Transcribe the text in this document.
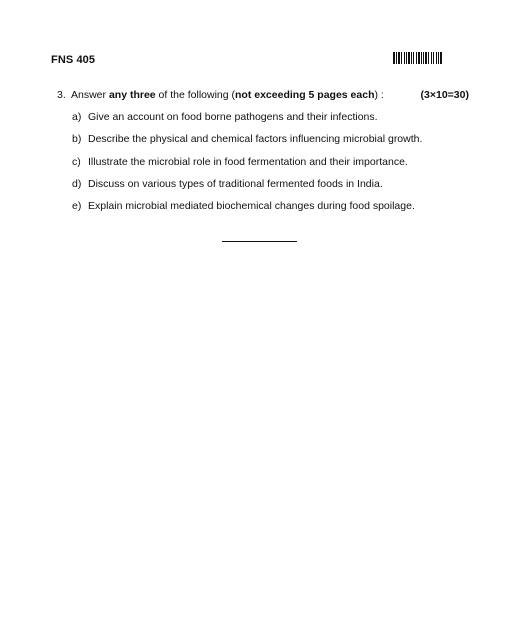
FNS 405
3. Answer any three of the following (not exceeding 5 pages each) :	(3×10=30)
a) Give an account on food borne pathogens and their infections.
b) Describe the physical and chemical factors influencing microbial growth.
c) Illustrate the microbial role in food fermentation and their importance.
d) Discuss on various types of traditional fermented foods in India.
e) Explain microbial mediated biochemical changes during food spoilage.
